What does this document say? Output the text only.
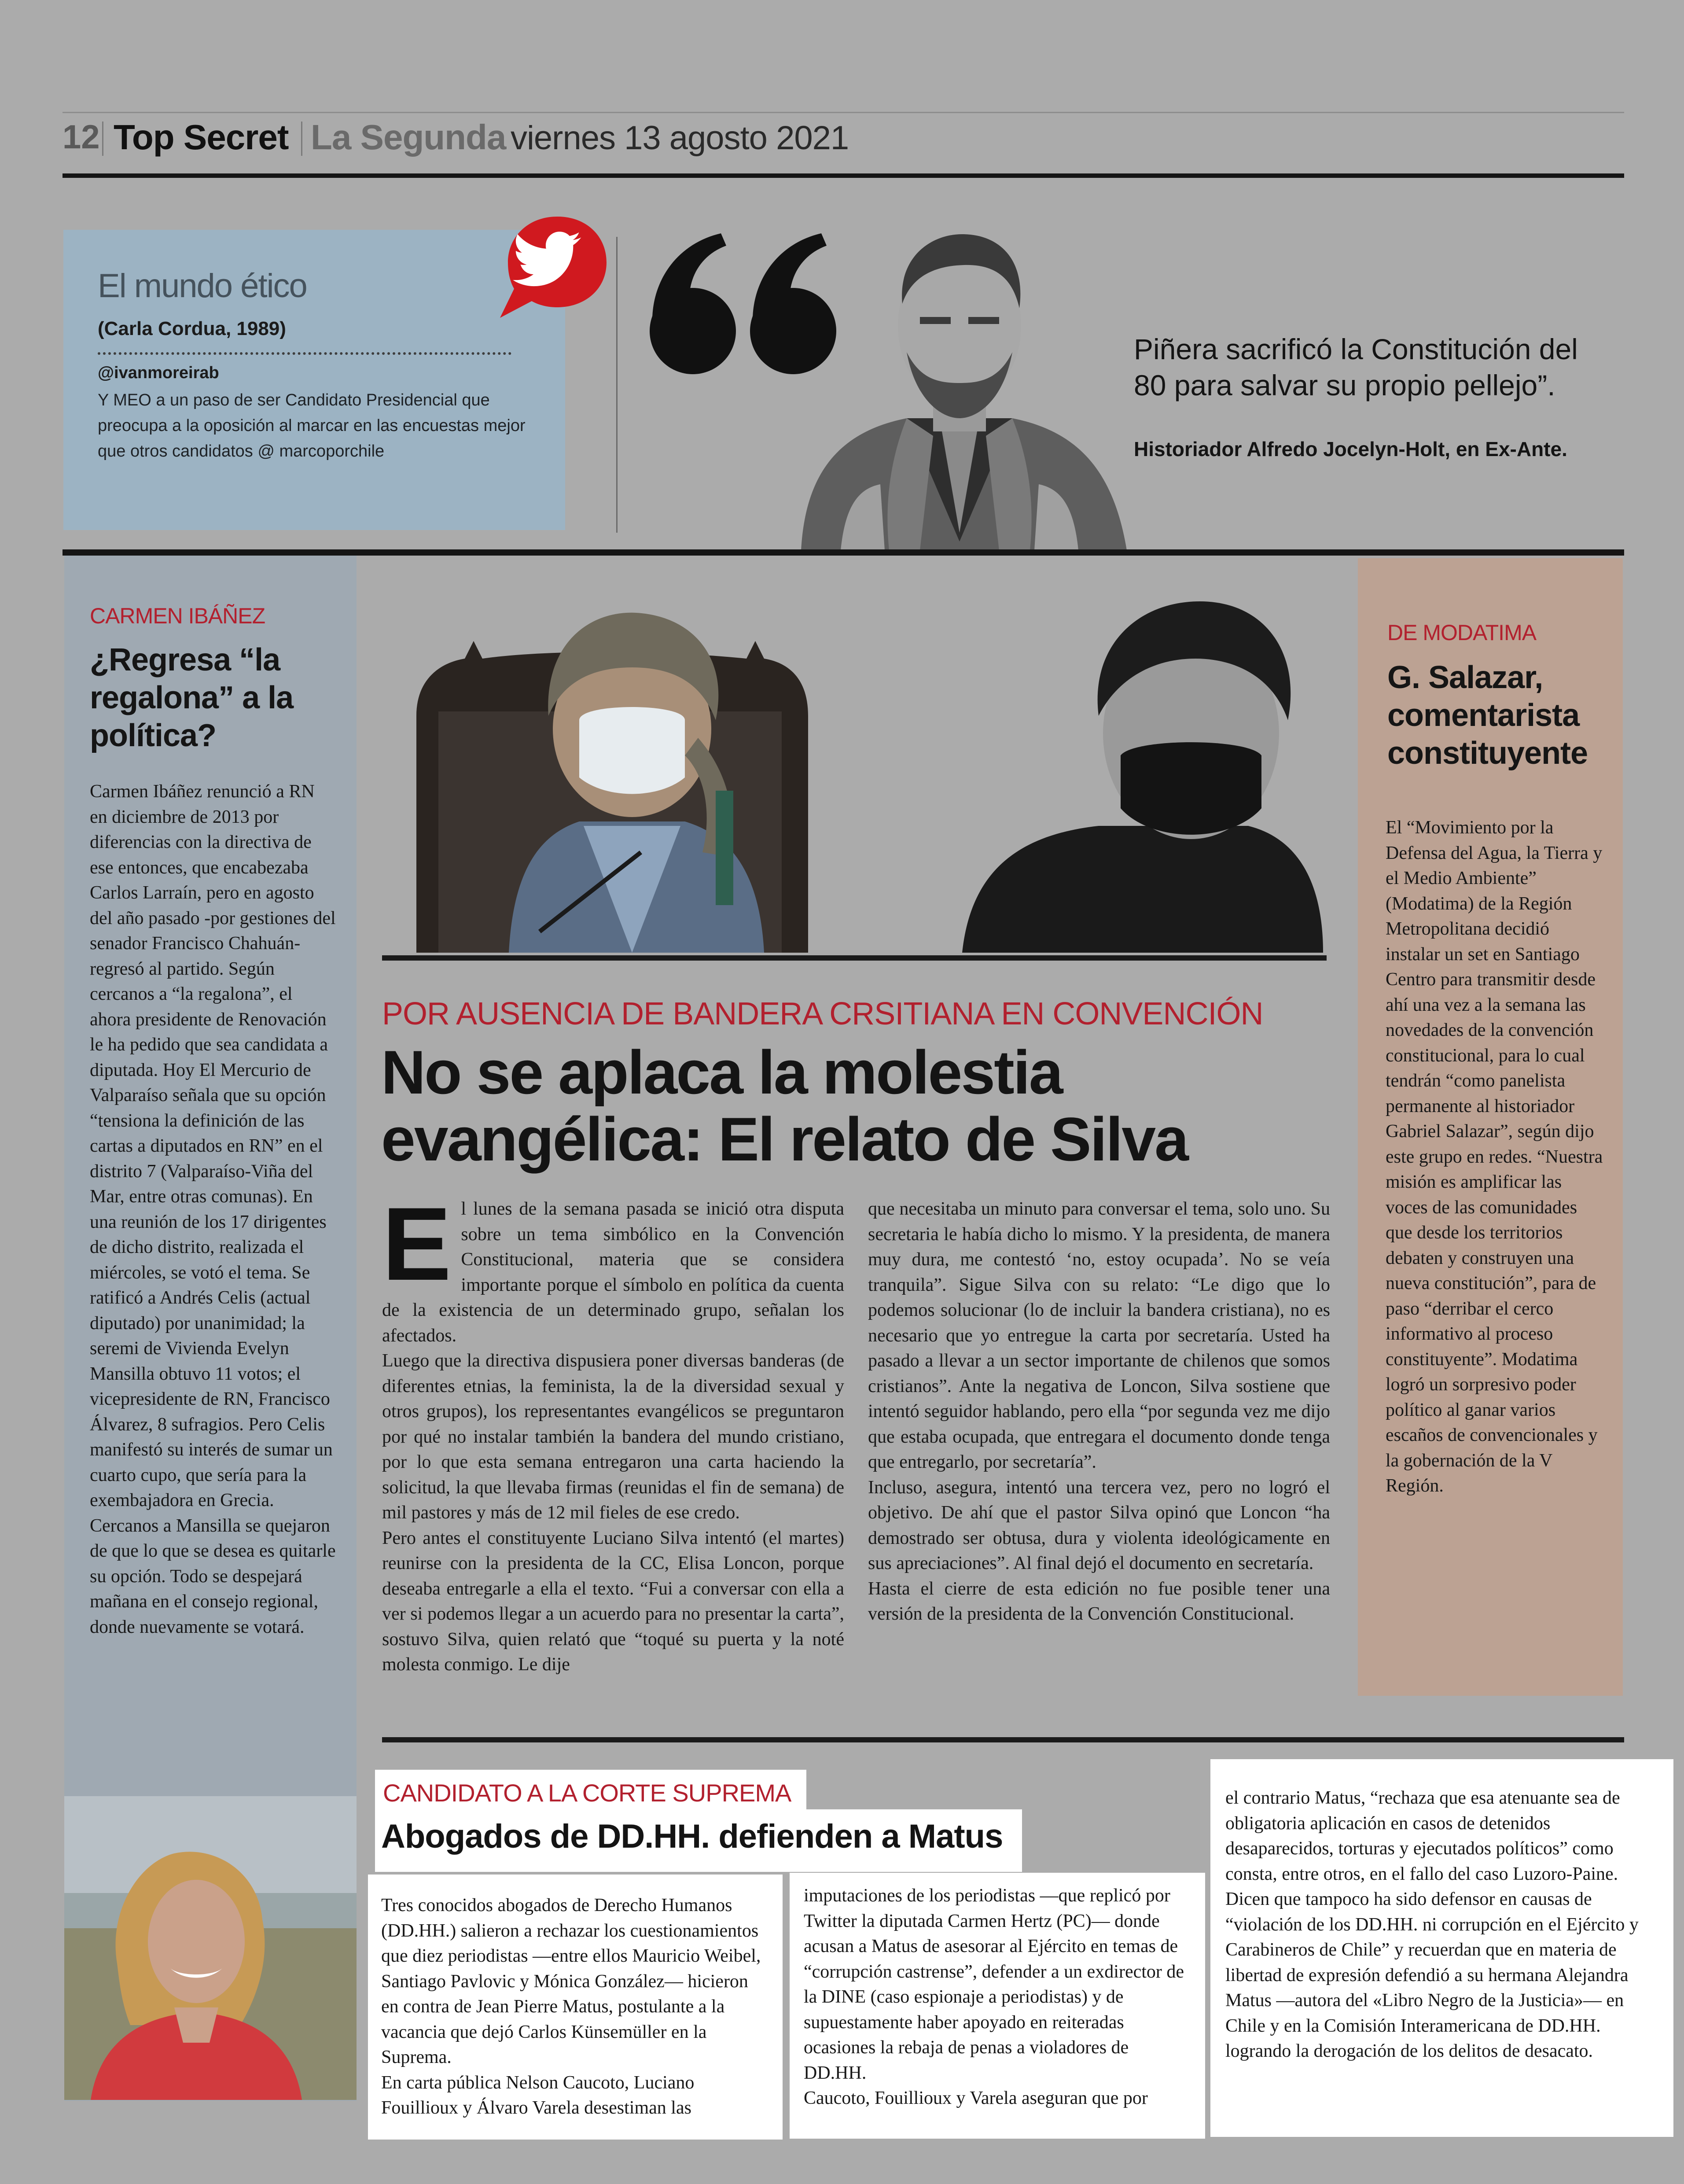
12 Top Secret La Segunda viernes 13 agosto 2021
El mundo ético
(Carla Cordua, 1989)
@ivanmoreirab
Y MEO a un paso de ser Candidato Presidencial que preocupa a la oposición al marcar en las encuestas mejor que otros candidatos @ marcoporchile
Piñera sacrificó la Constitución del 80 para salvar su propio pellejo”.
Historiador Alfredo Jocelyn-Holt, en Ex-Ante.
CARMEN IBÁÑEZ
¿Regresa “la regalona” a la política?
Carmen Ibáñez renunció a RN en diciembre de 2013 por diferencias con la directiva de ese entonces, que encabezaba Carlos Larraín, pero en agosto del año pasado -por gestiones del senador Francisco Chahuán- regresó al partido. Según cercanos a “la regalona”, el ahora presidente de Renovación le ha pedido que sea candidata a diputada. Hoy El Mercurio de Valparaíso señala que su opción “tensiona la definición de las cartas a diputados en RN” en el distrito 7 (Valparaíso-Viña del Mar, entre otras comunas). En una reunión de los 17 dirigentes de dicho distrito, realizada el miércoles, se votó el tema. Se ratificó a Andrés Celis (actual diputado) por unanimidad; la seremi de Vivienda Evelyn Mansilla obtuvo 11 votos; el vicepresidente de RN, Francisco Álvarez, 8 sufragios. Pero Celis manifestó su interés de sumar un cuarto cupo, que sería para la exembajadora en Grecia. Cercanos a Mansilla se quejaron de que lo que se desea es quitarle su opción. Todo se despejará mañana en el consejo regional, donde nuevamente se votará.
POR AUSENCIA DE BANDERA CRSITIANA EN CONVENCIÓN
No se aplaca la molestia evangélica: El relato de Silva

El lunes de la semana pasada se inició otra disputa sobre un tema simbólico en la Convención Constitucional, materia que se considera importante porque el símbolo en política da cuenta de la existencia de un determinado grupo, señalan los afectados.

Luego que la directiva dispusiera poner diversas banderas (de diferentes etnias, la feminista, la de la diversidad sexual y otros grupos), los representantes evangélicos se preguntaron por qué no instalar también la bandera del mundo cristiano, por lo que esta semana entregaron una carta haciendo la solicitud, la que llevaba firmas (reunidas el fin de semana) de mil pastores y más de 12 mil fieles de ese credo.

Pero antes el constituyente Luciano Silva intentó (el martes) reunirse con la presidenta de la CC, Elisa Loncon, porque deseaba entregarle a ella el texto. “Fui a conversar con ella a ver si podemos llegar a un acuerdo para no presentar la carta”, sostuvo Silva, quien relató que “toqué su puerta y la noté molesta conmigo. Le dije

que necesitaba un minuto para conversar el tema, solo uno. Su secretaria le había dicho lo mismo. Y la presidenta, de manera muy dura, me contestó ‘no, estoy ocupada’. No se veía tranquila”. Sigue Silva con su relato: “Le digo que lo podemos solucionar (lo de incluir la bandera cristiana), no es necesario que yo entregue la carta por secretaría. Usted ha pasado a llevar a un sector importante de chilenos que somos cristianos”. Ante la negativa de Loncon, Silva sostiene que intentó seguidor hablando, pero ella “por segunda vez me dijo que estaba ocupada, que entregara el documento donde tenga que entregarlo, por secretaría”.

Incluso, asegura, intentó una tercera vez, pero no logró el objetivo. De ahí que el pastor Silva opinó que Loncon “ha demostrado ser obtusa, dura y violenta ideológicamente en sus apreciaciones”. Al final dejó el documento en secretaría.

Hasta el cierre de esta edición no fue posible tener una versión de la presidenta de la Convención Constitucional.

DE MODATIMA
G. Salazar, comentarista constituyente
El “Movimiento por la Defensa del Agua, la Tierra y el Medio Ambiente” (Modatima) de la Región Metropolitana decidió instalar un set en Santiago Centro para transmitir desde ahí una vez a la semana las novedades de la convención constitucional, para lo cual tendrán “como panelista permanente al historiador Gabriel Salazar”, según dijo este grupo en redes. “Nuestra misión es amplificar las voces de las comunidades que desde los territorios debaten y construyen una nueva constitución”, para de paso “derribar el cerco informativo al proceso constituyente”. Modatima logró un sorpresivo poder político al ganar varios escaños de convencionales y la gobernación de la V Región.
CANDIDATO A LA CORTE SUPREMA
Abogados de DD.HH. defienden a Matus

Tres conocidos abogados de Derecho Humanos (DD.HH.) salieron a rechazar los cuestionamientos que diez periodistas —entre ellos Mauricio Weibel, Santiago Pavlovic y Mónica González— hicieron en contra de Jean Pierre Matus, postulante a la vacancia que dejó Carlos Künsemüller en la Suprema.

En carta pública Nelson Caucoto, Luciano Fouillioux y Álvaro Varela desestiman las

imputaciones de los periodistas —que replicó por Twitter la diputada Carmen Hertz (PC)— donde acusan a Matus de asesorar al Ejército en temas de “corrupción castrense”, defender a un exdirector de la DINE (caso espionaje a periodistas) y de supuestamente haber apoyado en reiteradas ocasiones la rebaja de penas a violadores de DD.HH.

Caucoto, Fouillioux y Varela aseguran que por

el contrario Matus, “rechaza que esa atenuante sea de obligatoria aplicación en casos de detenidos desaparecidos, torturas y ejecutados políticos” como consta, entre otros, en el fallo del caso Luzoro-Paine.

Dicen que tampoco ha sido defensor en causas de “violación de los DD.HH. ni corrupción en el Ejército y Carabineros de Chile” y recuerdan que en materia de libertad de expresión defendió a su hermana Alejandra Matus —autora del «Libro Negro de la Justicia»— en Chile y en la Comisión Interamericana de DD.HH. logrando la derogación de los delitos de desacato.
